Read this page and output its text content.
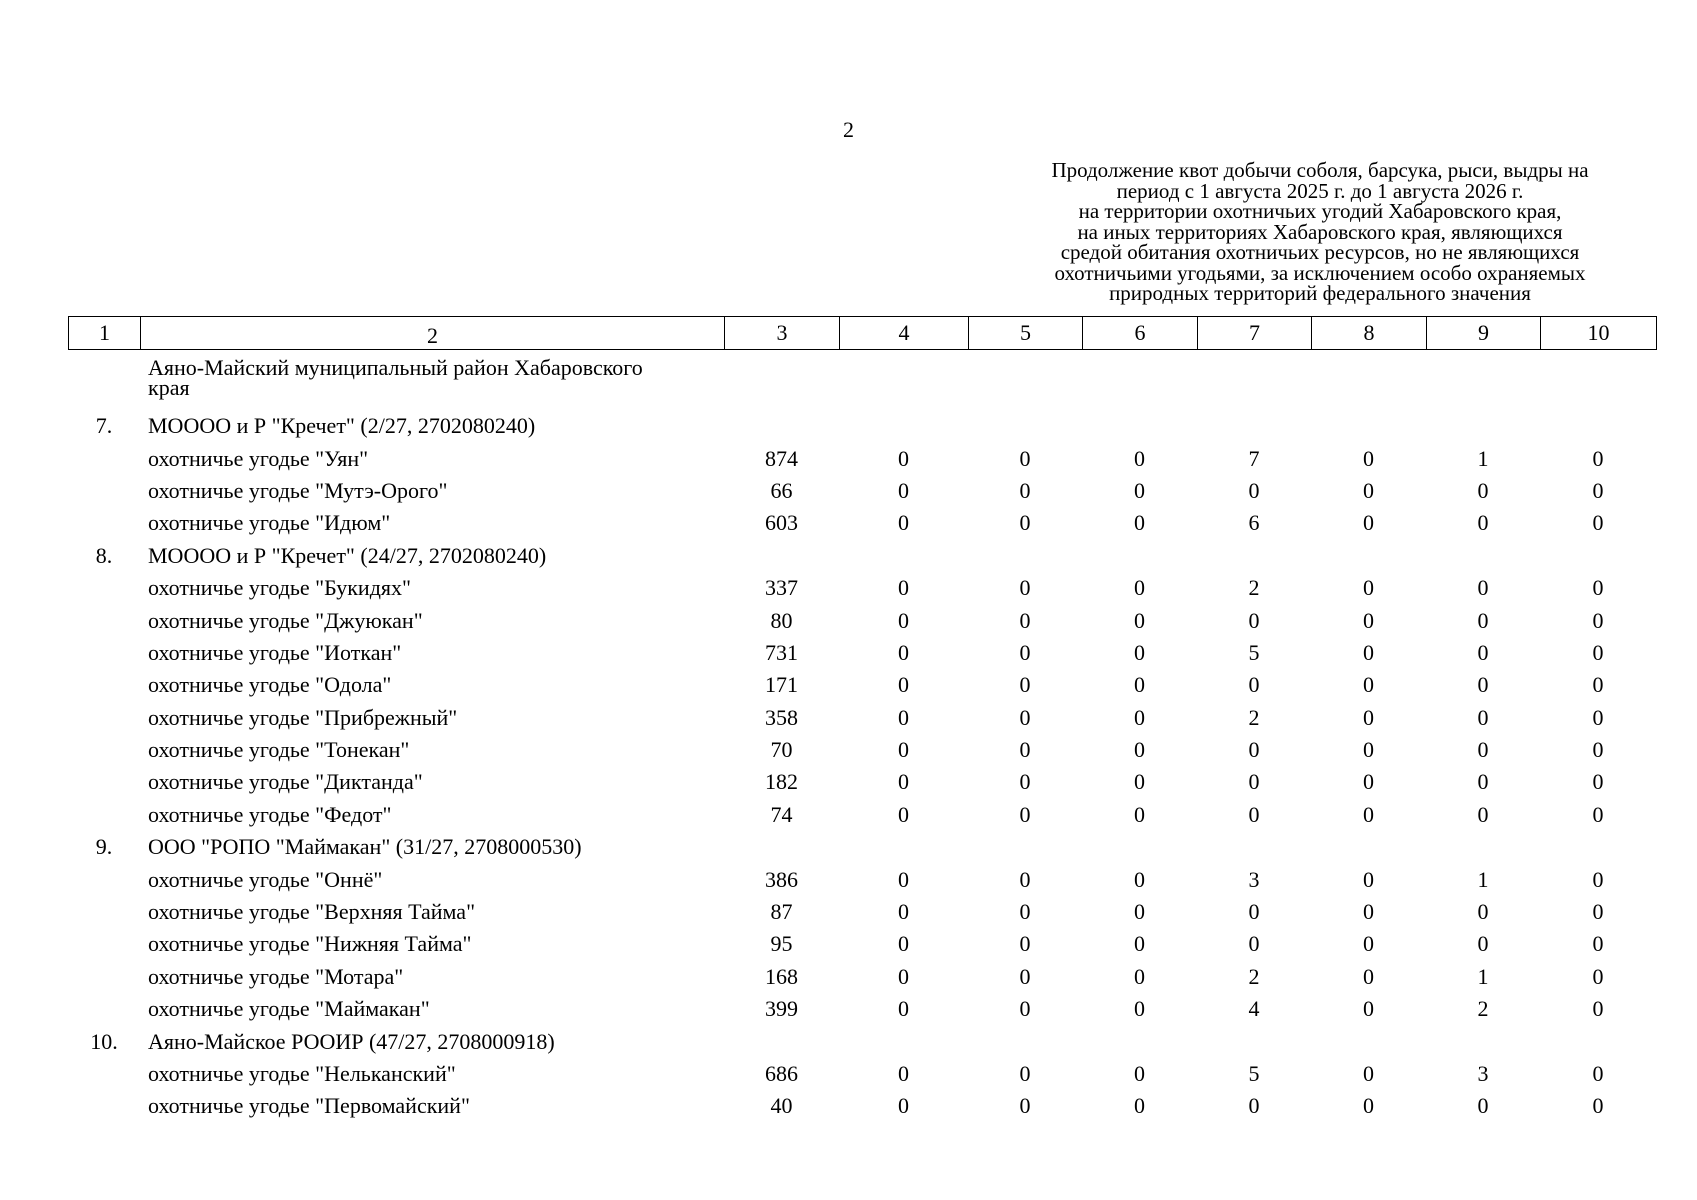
2
Продолжение квот добычи соболя, барсука, рыси, выдры на
период с 1 августа 2025 г. до 1 августа 2026 г.
на территории охотничьих угодий Хабаровского края,
на иных территориях Хабаровского края, являющихся
средой обитания охотничьих ресурсов, но не являющихся
охотничьими угодьями, за исключением особо охраняемых
природных территорий федерального значения
1	2	3	4	5	6	7	8	9	10
Аяно-Майский муниципальный район Хабаровского
края
7.	МОООО и Р "Кречет" (2/27, 2702080240)
охотничье угодье "Уян"	874	0	0	0	7	0	1	0
охотничье угодье "Мутэ-Орого"	66	0	0	0	0	0	0	0
охотничье угодье "Идюм"	603	0	0	0	6	0	0	0
8.	МОООО и Р "Кречет" (24/27, 2702080240)
охотничье угодье "Букидях"	337	0	0	0	2	0	0	0
охотничье угодье "Джуюкан"	80	0	0	0	0	0	0	0
охотничье угодье "Иоткан"	731	0	0	0	5	0	0	0
охотничье угодье "Одола"	171	0	0	0	0	0	0	0
охотничье угодье "Прибрежный"	358	0	0	0	2	0	0	0
охотничье угодье "Тонекан"	70	0	0	0	0	0	0	0
охотничье угодье "Диктанда"	182	0	0	0	0	0	0	0
охотничье угодье "Федот"	74	0	0	0	0	0	0	0
9.	ООО "РОПО "Маймакан" (31/27, 2708000530)
охотничье угодье "Оннё"	386	0	0	0	3	0	1	0
охотничье угодье "Верхняя Тайма"	87	0	0	0	0	0	0	0
охотничье угодье "Нижняя Тайма"	95	0	0	0	0	0	0	0
охотничье угодье "Мотара"	168	0	0	0	2	0	1	0
охотничье угодье "Маймакан"	399	0	0	0	4	0	2	0
10.	Аяно-Майское РООИР (47/27, 2708000918)
охотничье угодье "Нельканский"	686	0	0	0	5	0	3	0
охотничье угодье "Первомайский"	40	0	0	0	0	0	0	0
